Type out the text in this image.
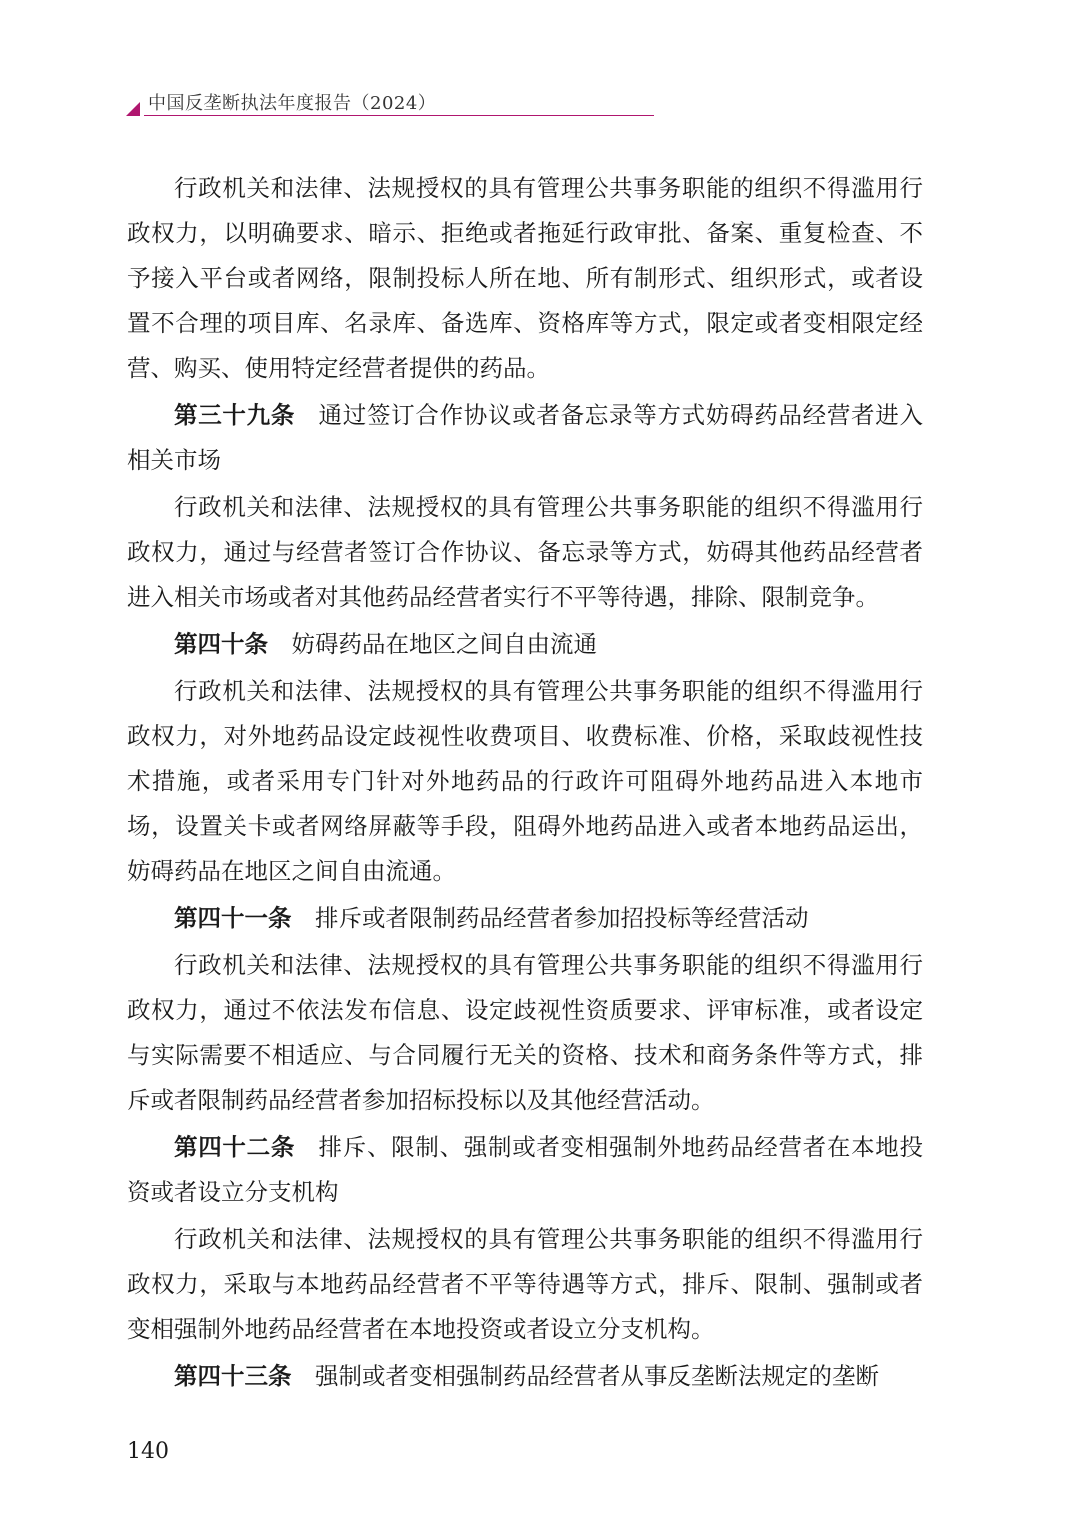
中国反垄断执法年度报告（2024）

行政机关和法律、法规授权的具有管理公共事务职能的组织不得滥用行政权力，以明确要求、暗示、拒绝或者拖延行政审批、备案、重复检查、不予接入平台或者网络，限制投标人所在地、所有制形式、组织形式，或者设置不合理的项目库、名录库、备选库、资格库等方式，限定或者变相限定经营、购买、使用特定经营者提供的药品。

第三十九条 通过签订合作协议或者备忘录等方式妨碍药品经营者进入相关市场

行政机关和法律、法规授权的具有管理公共事务职能的组织不得滥用行政权力，通过与经营者签订合作协议、备忘录等方式，妨碍其他药品经营者进入相关市场或者对其他药品经营者实行不平等待遇，排除、限制竞争。

第四十条 妨碍药品在地区之间自由流通

行政机关和法律、法规授权的具有管理公共事务职能的组织不得滥用行政权力，对外地药品设定歧视性收费项目、收费标准、价格，采取歧视性技术措施，或者采用专门针对外地药品的行政许可阻碍外地药品进入本地市场，设置关卡或者网络屏蔽等手段，阻碍外地药品进入或者本地药品运出，妨碍药品在地区之间自由流通。

第四十一条 排斥或者限制药品经营者参加招投标等经营活动

行政机关和法律、法规授权的具有管理公共事务职能的组织不得滥用行政权力，通过不依法发布信息、设定歧视性资质要求、评审标准，或者设定与实际需要不相适应、与合同履行无关的资格、技术和商务条件等方式，排斥或者限制药品经营者参加招标投标以及其他经营活动。

第四十二条 排斥、限制、强制或者变相强制外地药品经营者在本地投资或者设立分支机构

行政机关和法律、法规授权的具有管理公共事务职能的组织不得滥用行政权力，采取与本地药品经营者不平等待遇等方式，排斥、限制、强制或者变相强制外地药品经营者在本地投资或者设立分支机构。

第四十三条 强制或者变相强制药品经营者从事反垄断法规定的垄断

140
